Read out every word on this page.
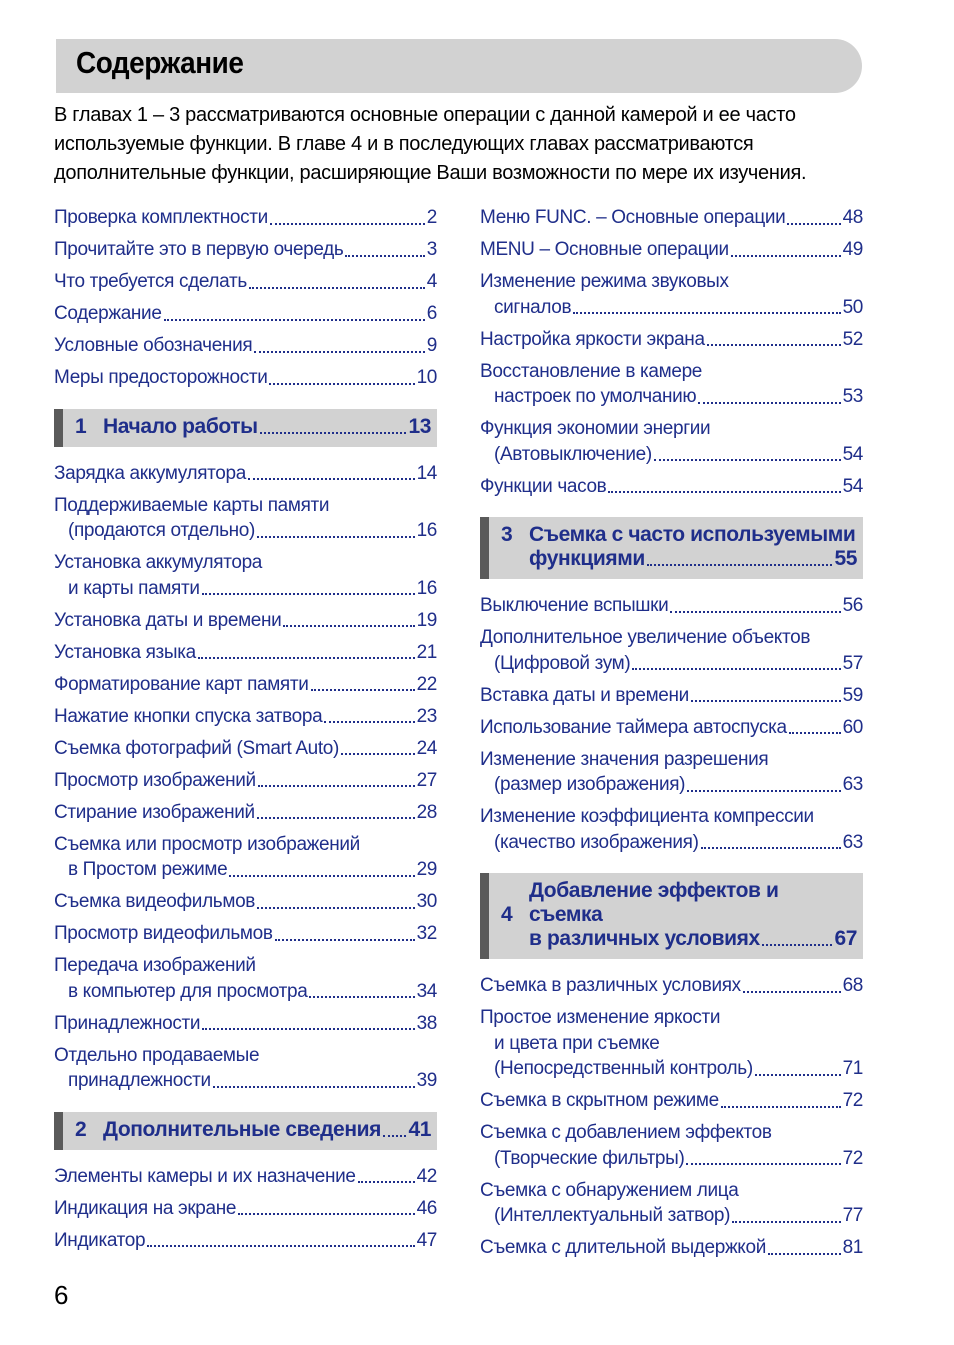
Содержание
В главах 1 – 3 рассматриваются основные операции с данной камерой и ее часто используемые функции. В главе 4 и в последующих главах рассматриваются дополнительные функции, расширяющие Ваши возможности по мере их изучения.
Проверка комплектности	2
Прочитайте это в первую очередь	3
Что требуется сделать	4
Содержание	6
Условные обозначения	9
Меры предосторожности	10
1 Начало работы	13
Зарядка аккумулятора	14
Поддерживаемые карты памяти
(продаются отдельно)	16
Установка аккумулятора
и карты памяти	16
Установка даты и времени	19
Установка языка	21
Форматирование карт памяти	22
Нажатие кнопки спуска затвора	23
Съемка фотографий (Smart Auto)	24
Просмотр изображений	27
Стирание изображений	28
Съемка или просмотр изображений
в Простом режиме	29
Съемка видеофильмов	30
Просмотр видеофильмов	32
Передача изображений
в компьютер для просмотра	34
Принадлежности	38
Отдельно продаваемые
принадлежности	39
2 Дополнительные сведения 41
Элементы камеры и их назначение	42
Индикация на экране	46
Индикатор	47
Меню FUNC. – Основные операции	48
MENU – Основные операции	49
Изменение режима звуковых
сигналов	50
Настройка яркости экрана	52
Восстановление в камере
настроек по умолчанию	53
Функция экономии энергии
(Автовыключение)	54
Функции часов	54
3 Съемка с часто используемыми
функциями	55
Выключение вспышки	56
Дополнительное увеличение объектов
(Цифровой зум)	57
Вставка даты и времени	59
Использование таймера автоспуска	60
Изменение значения разрешения
(размер изображения)	63
Изменение коэффициента компрессии
(качество изображения)	63
4
Добавление эффектов и съемка
в различных условиях	67
Съемка в различных условиях	68
Простое изменение яркости
и цвета при съемке
(Непосредственный контроль)	71
Съемка в скрытном режиме	72
Съемка с добавлением эффектов
(Творческие фильтры)	72
Съемка с обнаружением лица
(Интеллектуальный затвор)	77
Съемка с длительной выдержкой	81
6
